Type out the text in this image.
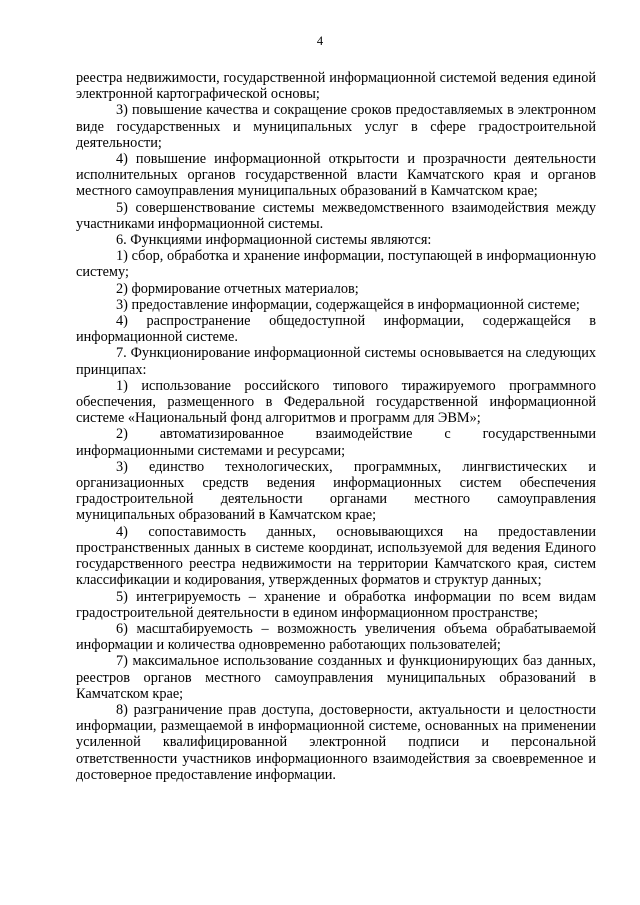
4

реестра недвижимости, государственной информационной системой ведения единой электронной картографической основы;

3) повышение качества и сокращение сроков предоставляемых в электронном виде государственных и муниципальных услуг в сфере градостроительной деятельности;

4) повышение информационной открытости и прозрачности деятельности исполнительных органов государственной власти Камчатского края и органов местного самоуправления муниципальных образований в Камчатском крае;

5) совершенствование системы межведомственного взаимодействия между участниками информационной системы.

6. Функциями информационной системы являются:

1) сбор, обработка и хранение информации, поступающей в информационную систему;

2) формирование отчетных материалов;

3) предоставление информации, содержащейся в информационной системе;

4) распространение общедоступной информации, содержащейся в информационной системе.

7. Функционирование информационной системы основывается на следующих принципах:

1) использование российского типового тиражируемого программного обеспечения, размещенного в Федеральной государственной информационной системе «Национальный фонд алгоритмов и программ для ЭВМ»;

2) автоматизированное взаимодействие с государственными информационными системами и ресурсами;

3) единство технологических, программных, лингвистических и организационных средств ведения информационных систем обеспечения градостроительной деятельности органами местного самоуправления муниципальных образований в Камчатском крае;

4) сопоставимость данных, основывающихся на предоставлении пространственных данных в системе координат, используемой для ведения Единого государственного реестра недвижимости на территории Камчатского края, систем классификации и кодирования, утвержденных форматов и структур данных;

5) интегрируемость – хранение и обработка информации по всем видам градостроительной деятельности в едином информационном пространстве;

6) масштабируемость – возможность увеличения объема обрабатываемой информации и количества одновременно работающих пользователей;

7) максимальное использование созданных и функционирующих баз данных, реестров органов местного самоуправления муниципальных образований в Камчатском крае;

8) разграничение прав доступа, достоверности, актуальности и целостности информации, размещаемой в информационной системе, основанных на применении усиленной квалифицированной электронной подписи и персональной ответственности участников информационного взаимодействия за своевременное и достоверное предоставление информации.
